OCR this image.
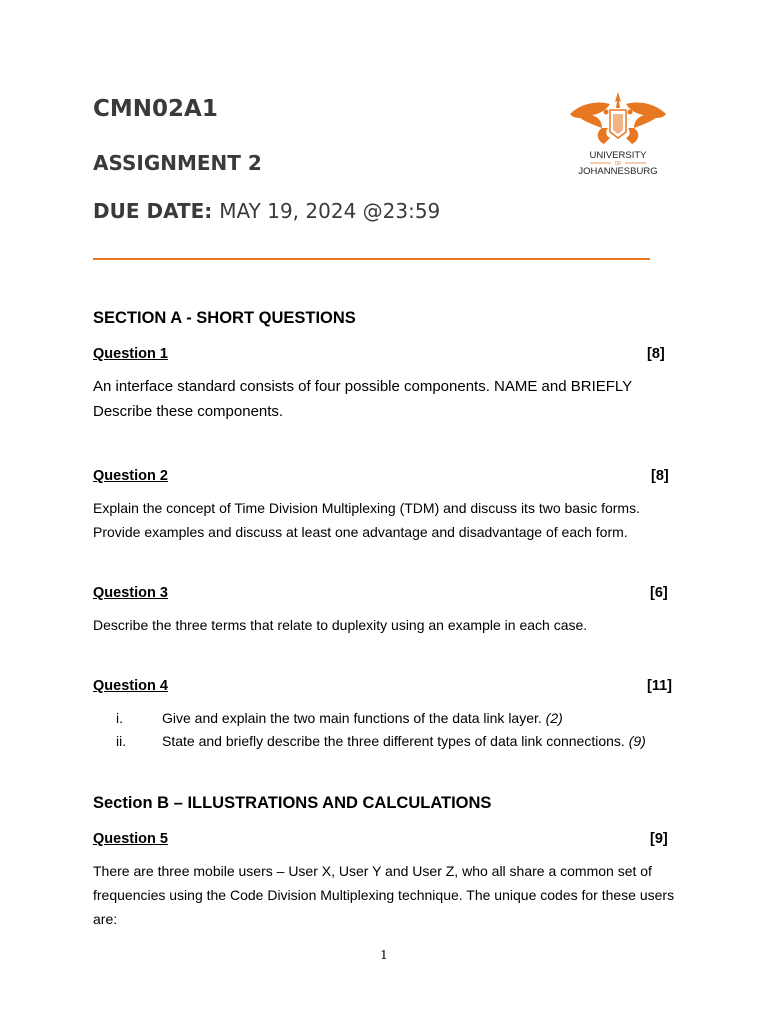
CMN02A1
ASSIGNMENT 2
DUE DATE: MAY 19, 2024 @23:59
UNIVERSITY
OF
JOHANNESBURG
SECTION A - SHORT QUESTIONS
Question 1	[8]
An interface standard consists of four possible components. NAME and BRIEFLY Describe these components.
Question 2	[8]
Explain the concept of Time Division Multiplexing (TDM) and discuss its two basic forms. Provide examples and discuss at least one advantage and disadvantage of each form.
Question 3	[6]
Describe the three terms that relate to duplexity using an example in each case.
Question 4	[11]
i.	Give and explain the two main functions of the data link layer. (2)
ii.	State and briefly describe the three different types of data link connections. (9)
Section B – ILLUSTRATIONS AND CALCULATIONS
Question 5	[9]
There are three mobile users – User X, User Y and User Z, who all share a common set of frequencies using the Code Division Multiplexing technique. The unique codes for these users are:
1
